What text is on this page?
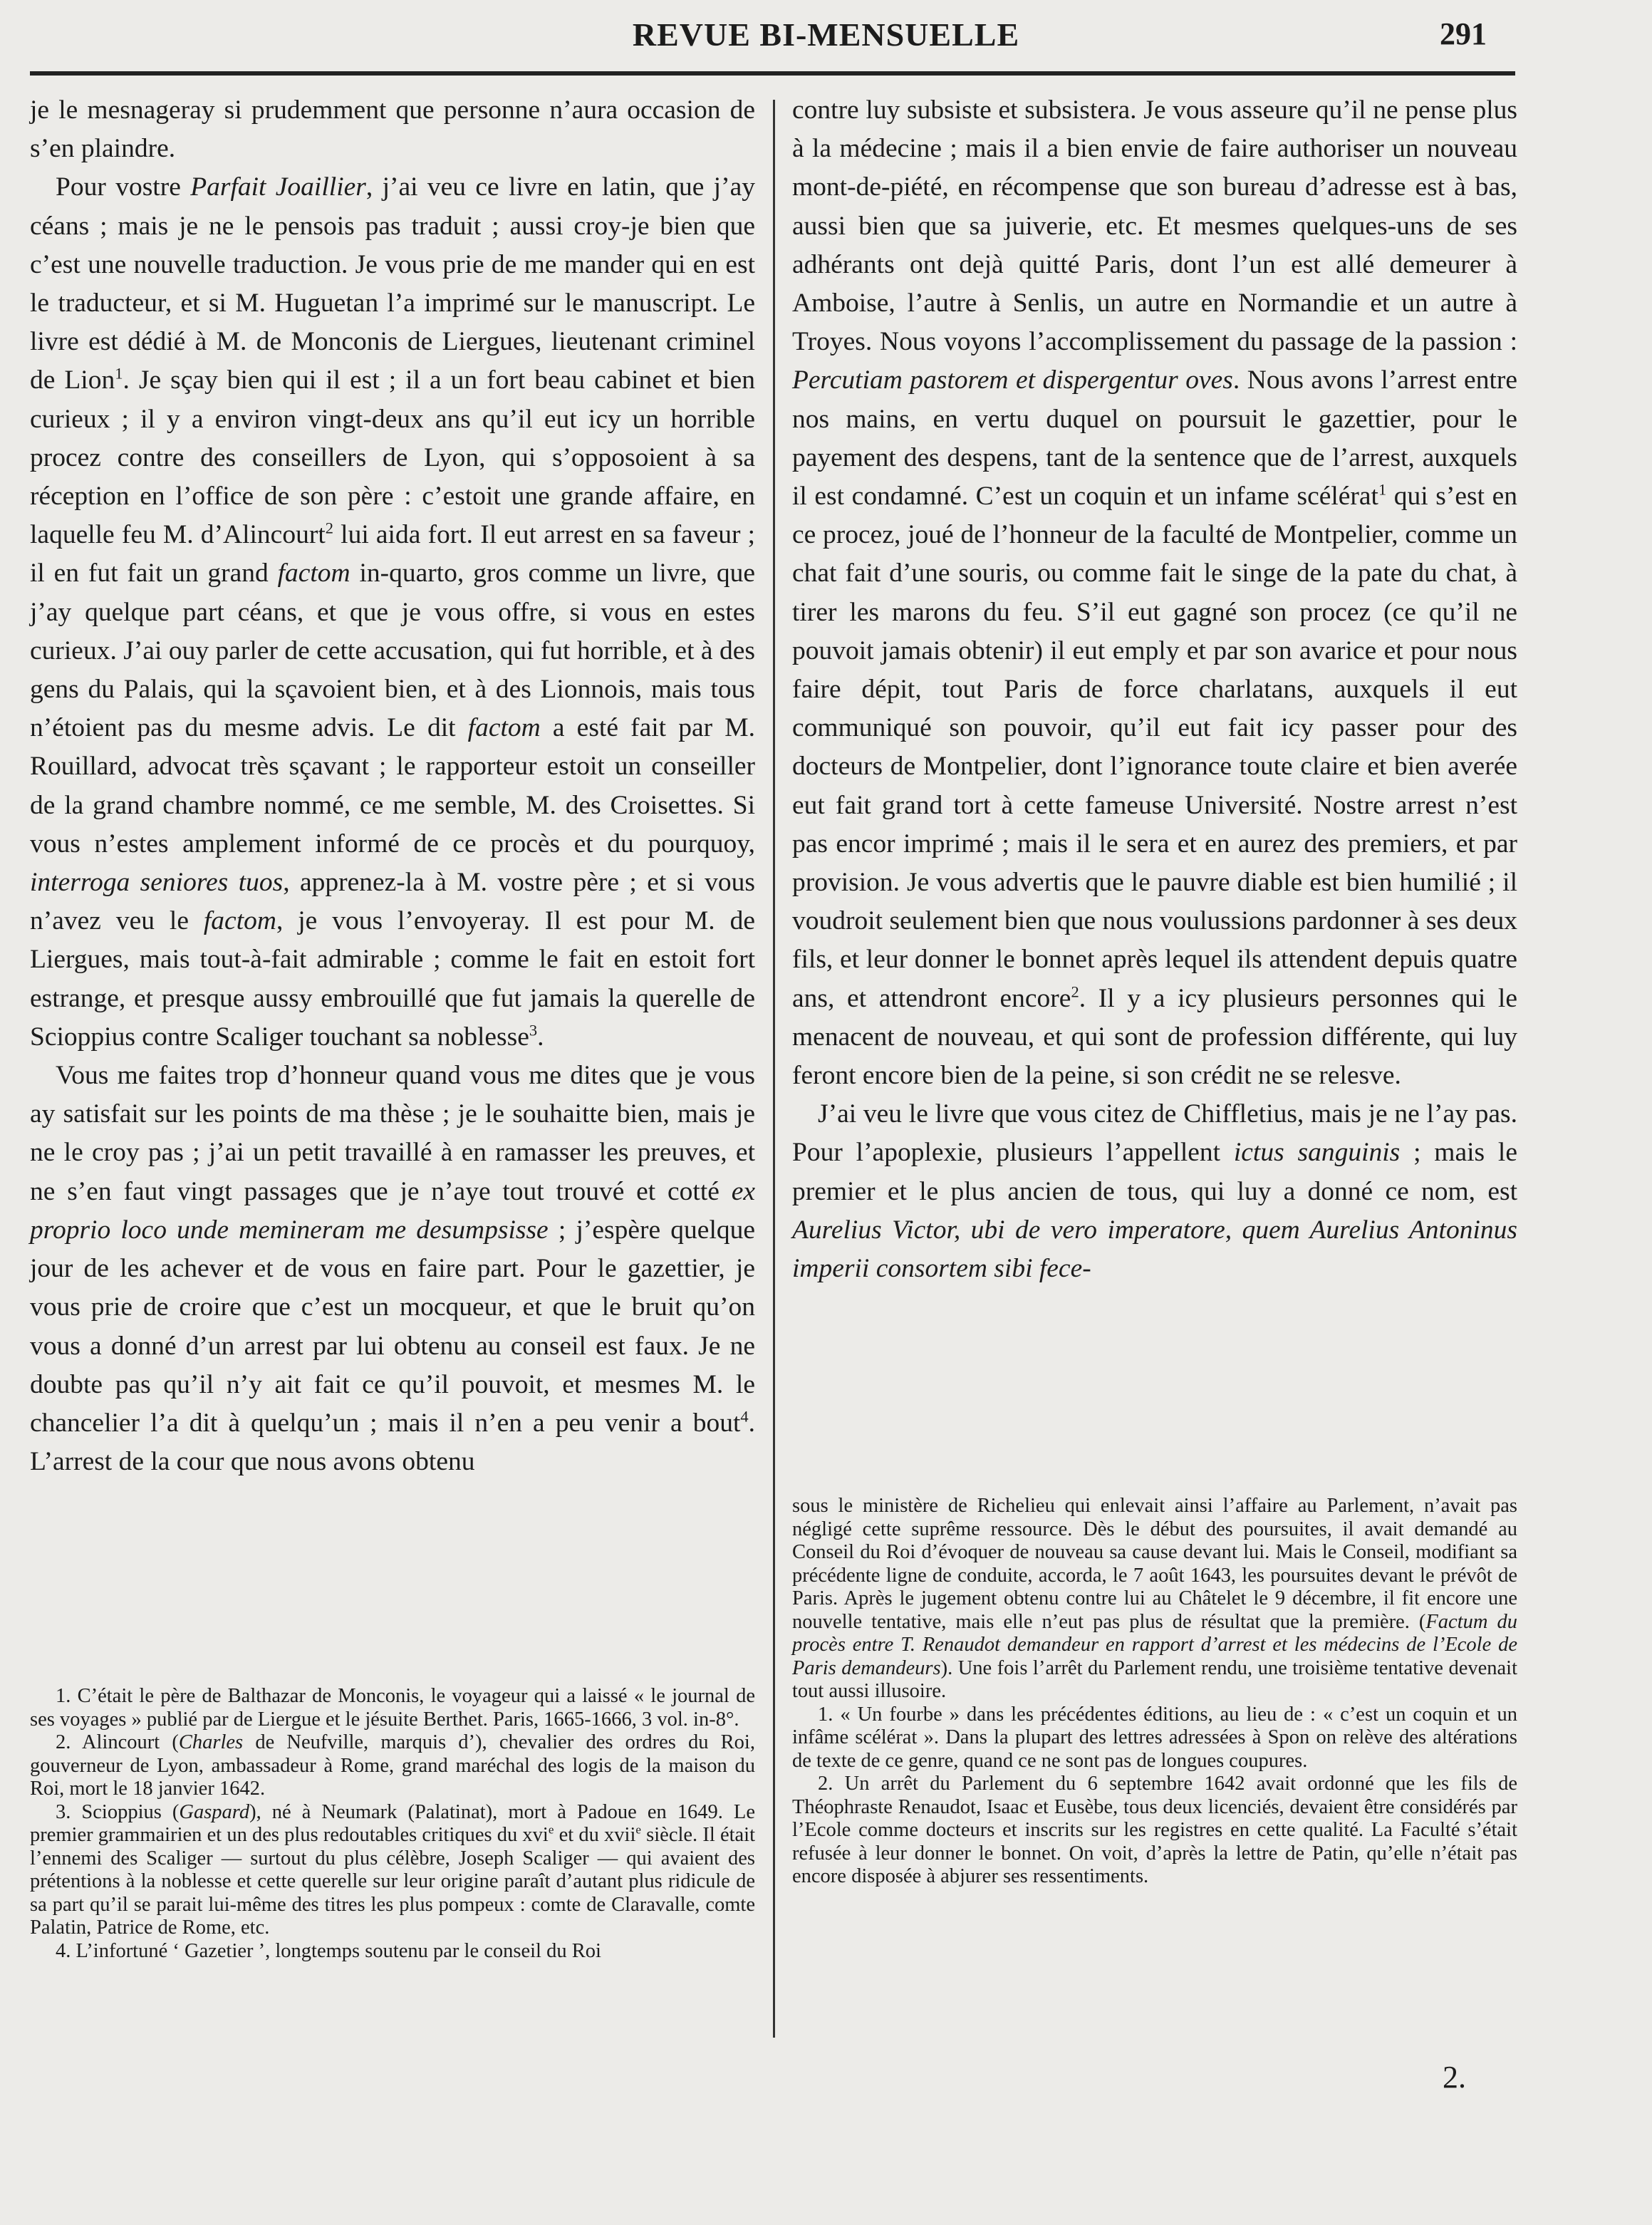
REVUE BI-MENSUELLE	291

je le mesnageray si prudemment que personne n’aura occasion de s’en plaindre.

Pour vostre Parfait Joaillier, j’ai veu ce livre en latin, que j’ay céans ; mais je ne le pensois pas traduit ; aussi croy-je bien que c’est une nouvelle traduction. Je vous prie de me mander qui en est le traducteur, et si M. Huguetan l’a imprimé sur le manuscript. Le livre est dédié à M. de Monconis de Liergues, lieutenant criminel de Lion$^1$. Je sçay bien qui il est ; il a un fort beau cabinet et bien curieux ; il y a environ vingt-deux ans qu’il eut icy un horrible procez contre des conseillers de Lyon, qui s’opposoient à sa réception en l’office de son père : c’estoit une grande affaire, en laquelle feu M. d’Alincourt$^2$ lui aida fort. Il eut arrest en sa faveur ; il en fut fait un grand factom in-quarto, gros comme un livre, que j’ay quelque part céans, et que je vous offre, si vous en estes curieux. J’ai ouy parler de cette accusation, qui fut horrible, et à des gens du Palais, qui la sçavoient bien, et à des Lionnois, mais tous n’étoient pas du mesme advis. Le dit factom a esté fait par M. Rouillard, advocat très sçavant ; le rapporteur estoit un conseiller de la grand chambre nommé, ce me semble, M. des Croisettes. Si vous n’estes amplement informé de ce procès et du pourquoy, interroga seniores tuos, apprenez-la à M. vostre père ; et si vous n’avez veu le factom, je vous l’envoyeray. Il est pour M. de Liergues, mais tout-à-fait admirable ; comme le fait en estoit fort estrange, et presque aussy embrouillé que fut jamais la querelle de Scioppius contre Scaliger touchant sa noblesse$^3$.

Vous me faites trop d’honneur quand vous me dites que je vous ay satisfait sur les points de ma thèse ; je le souhaitte bien, mais je ne le croy pas ; j’ai un petit travaillé à en ramasser les preuves, et ne s’en faut vingt passages que je n’aye tout trouvé et cotté ex proprio loco unde memineram me desumpsisse ; j’espère quelque jour de les achever et de vous en faire part. Pour le gazettier, je vous prie de croire que c’est un mocqueur, et que le bruit qu’on vous a donné d’un arrest par lui obtenu au conseil est faux. Je ne doubte pas qu’il n’y ait fait ce qu’il pouvoit, et mesmes M. le chancelier l’a dit à quelqu’un ; mais il n’en a peu venir a bout$^4$. L’arrest de la cour que nous avons obtenu

contre luy subsiste et subsistera. Je vous asseure qu’il ne pense plus à la médecine ; mais il a bien envie de faire authoriser un nouveau mont-de-piété, en récompense que son bureau d’adresse est à bas, aussi bien que sa juiverie, etc. Et mesmes quelques-uns de ses adhérants ont dejà quitté Paris, dont l’un est allé demeurer à Amboise, l’autre à Senlis, un autre en Normandie et un autre à Troyes. Nous voyons l’accomplissement du passage de la passion : Percutiam pastorem et dispergentur oves. Nous avons l’arrest entre nos mains, en vertu duquel on poursuit le gazettier, pour le payement des despens, tant de la sentence que de l’arrest, auxquels il est condamné. C’est un coquin et un infame scélérat$^1$ qui s’est en ce procez, joué de l’honneur de la faculté de Montpelier, comme un chat fait d’une souris, ou comme fait le singe de la pate du chat, à tirer les marons du feu. S’il eut gagné son procez (ce qu’il ne pouvoit jamais obtenir) il eut emply et par son avarice et pour nous faire dépit, tout Paris de force charlatans, auxquels il eut communiqué son pouvoir, qu’il eut fait icy passer pour des docteurs de Montpelier, dont l’ignorance toute claire et bien averée eut fait grand tort à cette fameuse Université. Nostre arrest n’est pas encor imprimé ; mais il le sera et en aurez des premiers, et par provision. Je vous advertis que le pauvre diable est bien humilié ; il voudroit seulement bien que nous voulussions pardonner à ses deux fils, et leur donner le bonnet après lequel ils attendent depuis quatre ans, et attendront encore$^2$. Il y a icy plusieurs personnes qui le menacent de nouveau, et qui sont de profession différente, qui luy feront encore bien de la peine, si son crédit ne se relesve.

J’ai veu le livre que vous citez de Chiffletius, mais je ne l’ay pas. Pour l’apoplexie, plusieurs l’appellent ictus sanguinis ; mais le premier et le plus ancien de tous, qui luy a donné ce nom, est Aurelius Victor, ubi de vero imperatore, quem Aurelius Antoninus imperii consortem sibi fece-

1. C’était le père de Balthazar de Monconis, le voyageur qui a laissé « le journal de ses voyages » publié par de Liergue et le jésuite Berthet. Paris, 1665-1666, 3 vol. in-8°.

2. Alincourt (Charles de Neufville, marquis d’), chevalier des ordres du Roi, gouverneur de Lyon, ambassadeur à Rome, grand maréchal des logis de la maison du Roi, mort le 18 janvier 1642.

3. Scioppius (Gaspard), né à Neumark (Palatinat), mort à Padoue en 1649. Le premier grammairien et un des plus redoutables critiques du xvi$^e$ et du xvii$^e$ siècle. Il était l’ennemi des Scaliger — surtout du plus célèbre, Joseph Scaliger — qui avaient des prétentions à la noblesse et cette querelle sur leur origine paraît d’autant plus ridicule de sa part qu’il se parait lui-même des titres les plus pompeux : comte de Claravalle, comte Palatin, Patrice de Rome, etc.

4. L’infortuné ‘ Gazetier ’, longtemps soutenu par le conseil du Roi

sous le ministère de Richelieu qui enlevait ainsi l’affaire au Parlement, n’avait pas négligé cette suprême ressource. Dès le début des poursuites, il avait demandé au Conseil du Roi d’évoquer de nouveau sa cause devant lui. Mais le Conseil, modifiant sa précédente ligne de conduite, accorda, le 7 août 1643, les poursuites devant le prévôt de Paris. Après le jugement obtenu contre lui au Châtelet le 9 décembre, il fit encore une nouvelle tentative, mais elle n’eut pas plus de résultat que la première. (Factum du procès entre T. Renaudot demandeur en rapport d’arrest et les médecins de l’Ecole de Paris demandeurs). Une fois l’arrêt du Parlement rendu, une troisième tentative devenait tout aussi illusoire.

1. « Un fourbe » dans les précédentes éditions, au lieu de : « c’est un coquin et un infâme scélérat ». Dans la plupart des lettres adressées à Spon on relève des altérations de texte de ce genre, quand ce ne sont pas de longues coupures.

2. Un arrêt du Parlement du 6 septembre 1642 avait ordonné que les fils de Théophraste Renaudot, Isaac et Eusèbe, tous deux licenciés, devaient être considérés par l’Ecole comme docteurs et inscrits sur les registres en cette qualité. La Faculté s’était refusée à leur donner le bonnet. On voit, d’après la lettre de Patin, qu’elle n’était pas encore disposée à abjurer ses ressentiments.

2.
